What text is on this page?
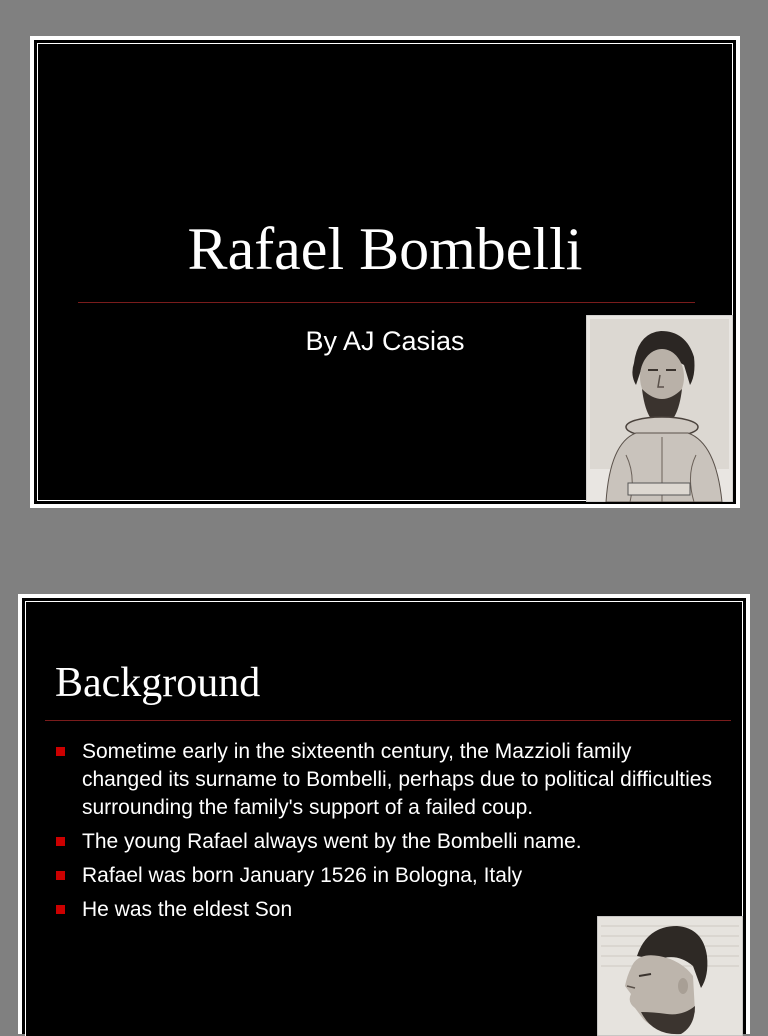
Rafael Bombelli
By AJ Casias
Background
Sometime early in the sixteenth century, the Mazzioli family changed its surname to Bombelli, perhaps due to political difficulties surrounding the family's support of a failed coup.
The young Rafael always went by the Bombelli name.
Rafael was born January 1526 in Bologna, Italy
He was the eldest Son
